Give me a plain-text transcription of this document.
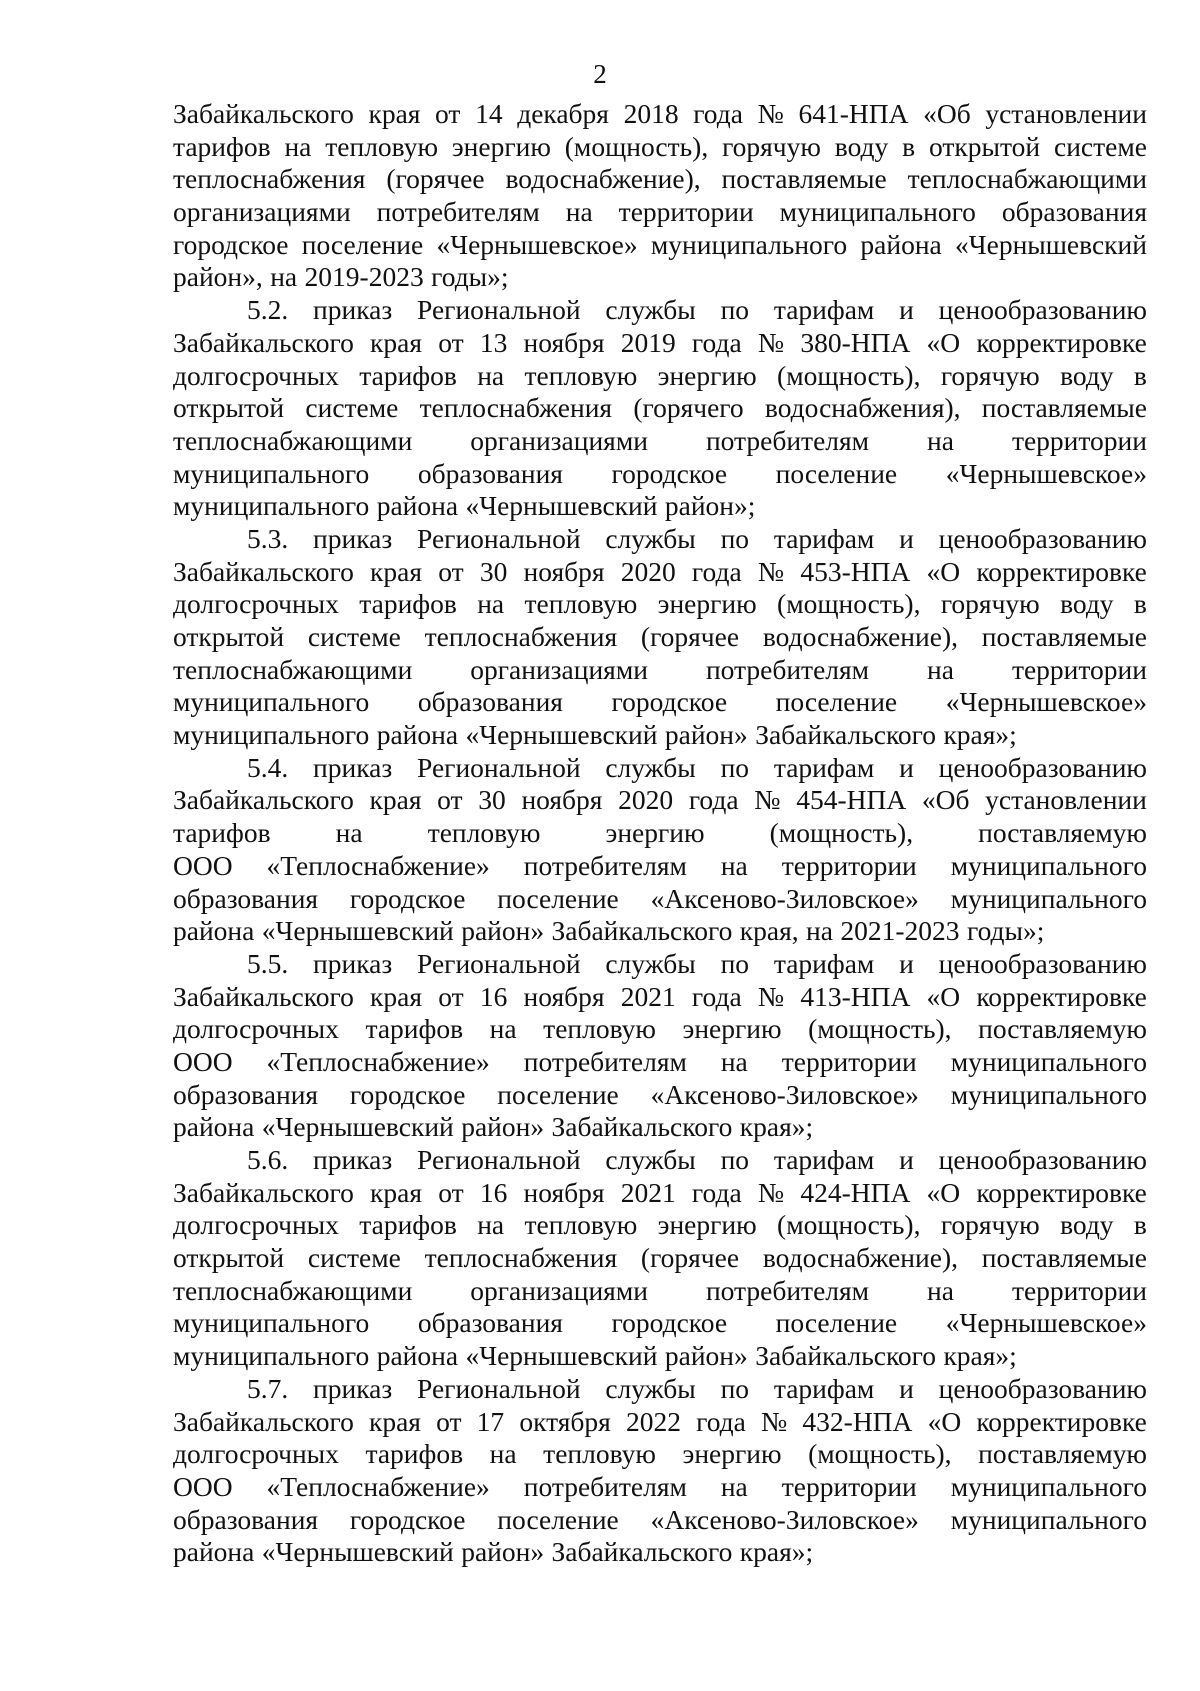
2
Забайкальского края от 14 декабря 2018 года № 641-НПА «Об установлении
тарифов на тепловую энергию (мощность), горячую воду в открытой системе
теплоснабжения (горячее водоснабжение), поставляемые теплоснабжающими
организациями потребителям на территории муниципального образования
городское поселение «Чернышевское» муниципального района «Чернышевский
район», на 2019-2023 годы»;
5.2. приказ Региональной службы по тарифам и ценообразованию
Забайкальского края от 13 ноября 2019 года № 380-НПА «О корректировке
долгосрочных тарифов на тепловую энергию (мощность), горячую воду в
открытой системе теплоснабжения (горячего водоснабжения), поставляемые
теплоснабжающими организациями потребителям на территории
муниципального образования городское поселение «Чернышевское»
муниципального района «Чернышевский район»;
5.3. приказ Региональной службы по тарифам и ценообразованию
Забайкальского края от 30 ноября 2020 года № 453-НПА «О корректировке
долгосрочных тарифов на тепловую энергию (мощность), горячую воду в
открытой системе теплоснабжения (горячее водоснабжение), поставляемые
теплоснабжающими организациями потребителям на территории
муниципального образования городское поселение «Чернышевское»
муниципального района «Чернышевский район» Забайкальского края»;
5.4. приказ Региональной службы по тарифам и ценообразованию
Забайкальского края от 30 ноября 2020 года № 454-НПА «Об установлении
тарифов на тепловую энергию (мощность), поставляемую
ООО «Теплоснабжение» потребителям на территории муниципального
образования городское поселение «Аксеново-Зиловское» муниципального
района «Чернышевский район» Забайкальского края, на 2021-2023 годы»;
5.5. приказ Региональной службы по тарифам и ценообразованию
Забайкальского края от 16 ноября 2021 года № 413-НПА «О корректировке
долгосрочных тарифов на тепловую энергию (мощность), поставляемую
ООО «Теплоснабжение» потребителям на территории муниципального
образования городское поселение «Аксеново-Зиловское» муниципального
района «Чернышевский район» Забайкальского края»;
5.6. приказ Региональной службы по тарифам и ценообразованию
Забайкальского края от 16 ноября 2021 года № 424-НПА «О корректировке
долгосрочных тарифов на тепловую энергию (мощность), горячую воду в
открытой системе теплоснабжения (горячее водоснабжение), поставляемые
теплоснабжающими организациями потребителям на территории
муниципального образования городское поселение «Чернышевское»
муниципального района «Чернышевский район» Забайкальского края»;
5.7. приказ Региональной службы по тарифам и ценообразованию
Забайкальского края от 17 октября 2022 года № 432-НПА «О корректировке
долгосрочных тарифов на тепловую энергию (мощность), поставляемую
ООО «Теплоснабжение» потребителям на территории муниципального
образования городское поселение «Аксеново-Зиловское» муниципального
района «Чернышевский район» Забайкальского края»;
